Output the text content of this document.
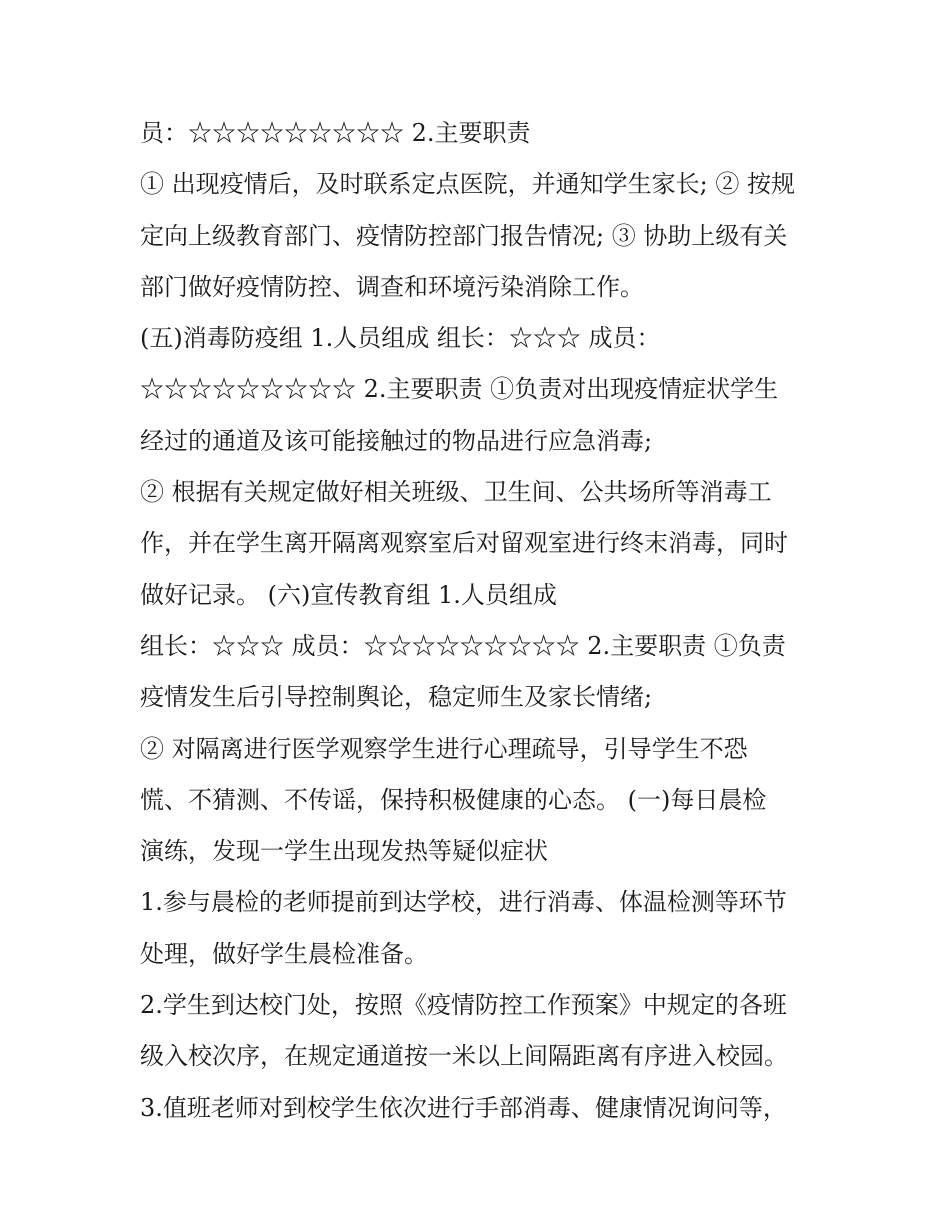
员：☆☆☆☆☆☆☆☆☆ 2.主要职责
① 出现疫情后，及时联系定点医院，并通知学生家长; ② 按规
定向上级教育部门、疫情防控部门报告情况; ③ 协助上级有关
部门做好疫情防控、调查和环境污染消除工作。
(五)消毒防疫组 1.人员组成 组长：☆☆☆ 成员：
☆☆☆☆☆☆☆☆☆ 2.主要职责 ①负责对出现疫情症状学生
经过的通道及该可能接触过的物品进行应急消毒;
② 根据有关规定做好相关班级、卫生间、公共场所等消毒工
作，并在学生离开隔离观察室后对留观室进行终末消毒，同时
做好记录。 (六)宣传教育组 1.人员组成
组长：☆☆☆ 成员：☆☆☆☆☆☆☆☆☆ 2.主要职责 ①负责
疫情发生后引导控制舆论，稳定师生及家长情绪;
② 对隔离进行医学观察学生进行心理疏导，引导学生不恐
慌、不猜测、不传谣，保持积极健康的心态。 (一)每日晨检
演练，发现一学生出现发热等疑似症状
1.参与晨检的老师提前到达学校，进行消毒、体温检测等环节
处理，做好学生晨检准备。
2.学生到达校门处，按照《疫情防控工作预案》中规定的各班
级入校次序，在规定通道按一米以上间隔距离有序进入校园。
3.值班老师对到校学生依次进行手部消毒、健康情况询问等，
